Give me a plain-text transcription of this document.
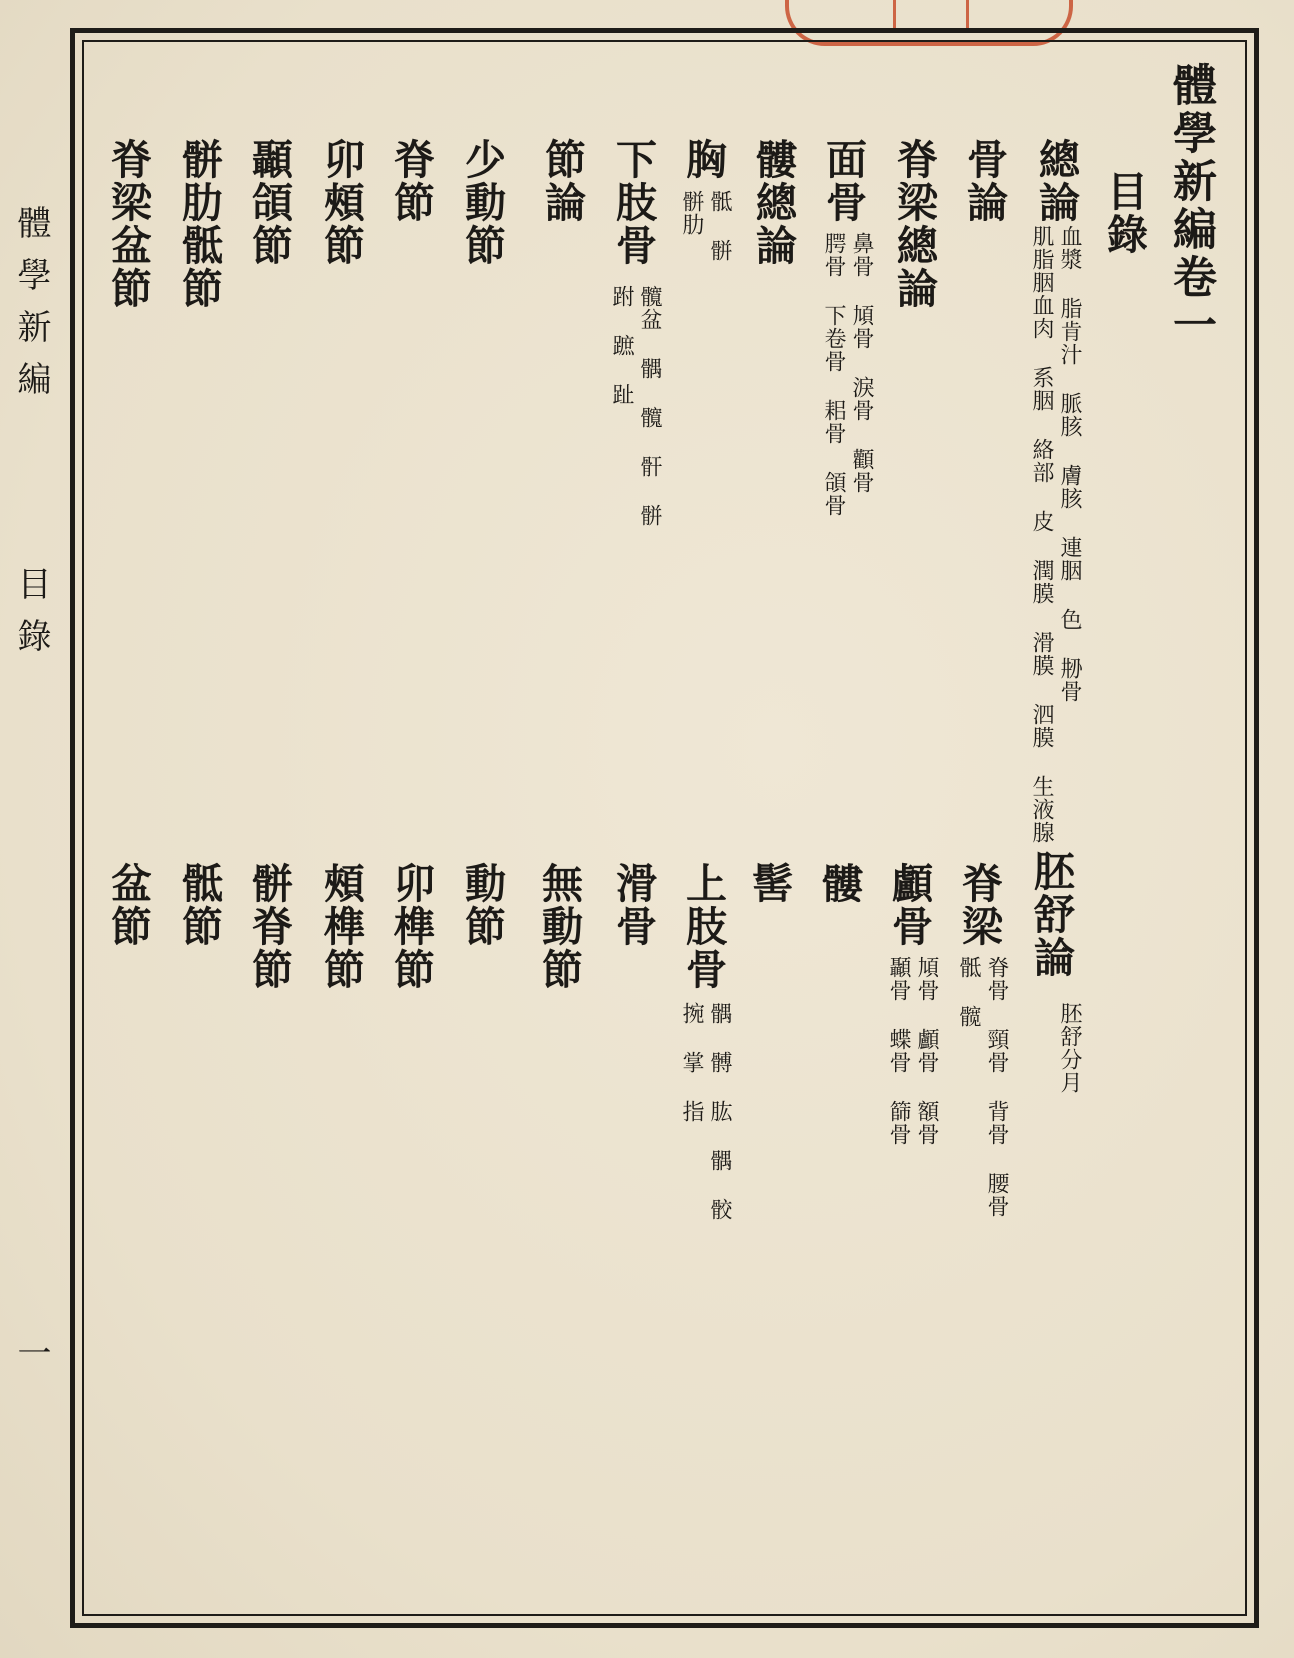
體學新編
目錄
一
體學新編卷一
目錄
總論
血漿 脂肯汁 脈胲 膚胲 連胭 色 刱骨
肌脂胭血肉 系胭 絡部 皮 潤膜 滑膜 泗膜 生液腺
骨論
脊梁總論
面骨
鼻骨 頄骨 淚骨 顴骨
腭骨 下卷骨 耜骨 頜骨
髏總論
胸
骶 骿
骿肋
下肢骨
髖盆 髃 髖 骭 骿
跗 蹠 趾
節論
少動節
脊節
卯頰節
顳頜節
骿肋骶節
脊梁盆節
胚舒論
胚舒分月
脊梁
脊骨 頸骨 背骨 腰骨
骶 髋
顱骨
頄骨 顱骨 額骨
顳骨 蝶骨 篩骨
髏
髺
上肢骨
髃 髆 肱 髃 骹
捥 掌 指
滑骨
無動節
動節
卯榫節
頰榫節
骿脊節
骶節
盆節
